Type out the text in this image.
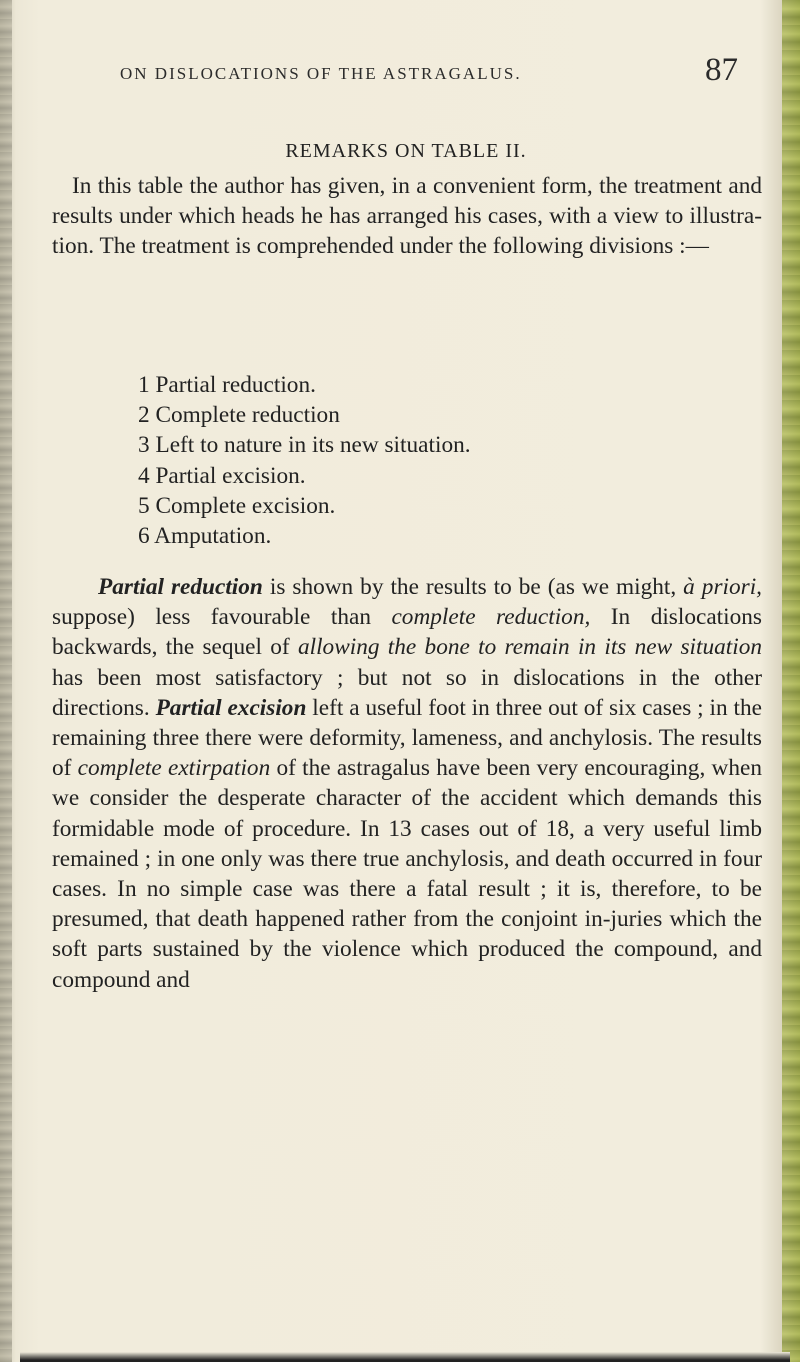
ON DISLOCATIONS OF THE ASTRAGALUS.	87
REMARKS ON TABLE II.

In this table the author has given, in a convenient form, the treatment and results under which heads he has arranged his cases, with a view to illustra-tion. The treatment is comprehended under the following divisions :—

1 Partial reduction.
2 Complete reduction
3 Left to nature in its new situation.
4 Partial excision.
5 Complete excision.
6 Amputation.

Partial reduction is shown by the results to be (as we might, à priori, suppose) less favourable than complete reduction, In dislocations backwards, the sequel of allowing the bone to remain in its new situation has been most satisfactory ; but not so in dislocations in the other directions. Partial excision left a useful foot in three out of six cases ; in the remaining three there were deformity, lameness, and anchylosis. The results of complete extirpation of the astragalus have been very encouraging, when we consider the desperate character of the accident which demands this formidable mode of procedure. In 13 cases out of 18, a very useful limb remained ; in one only was there true anchylosis, and death occurred in four cases. In no simple case was there a fatal result ; it is, therefore, to be presumed, that death happened rather from the conjoint in-juries which the soft parts sustained by the violence which produced the compound, and compound and
